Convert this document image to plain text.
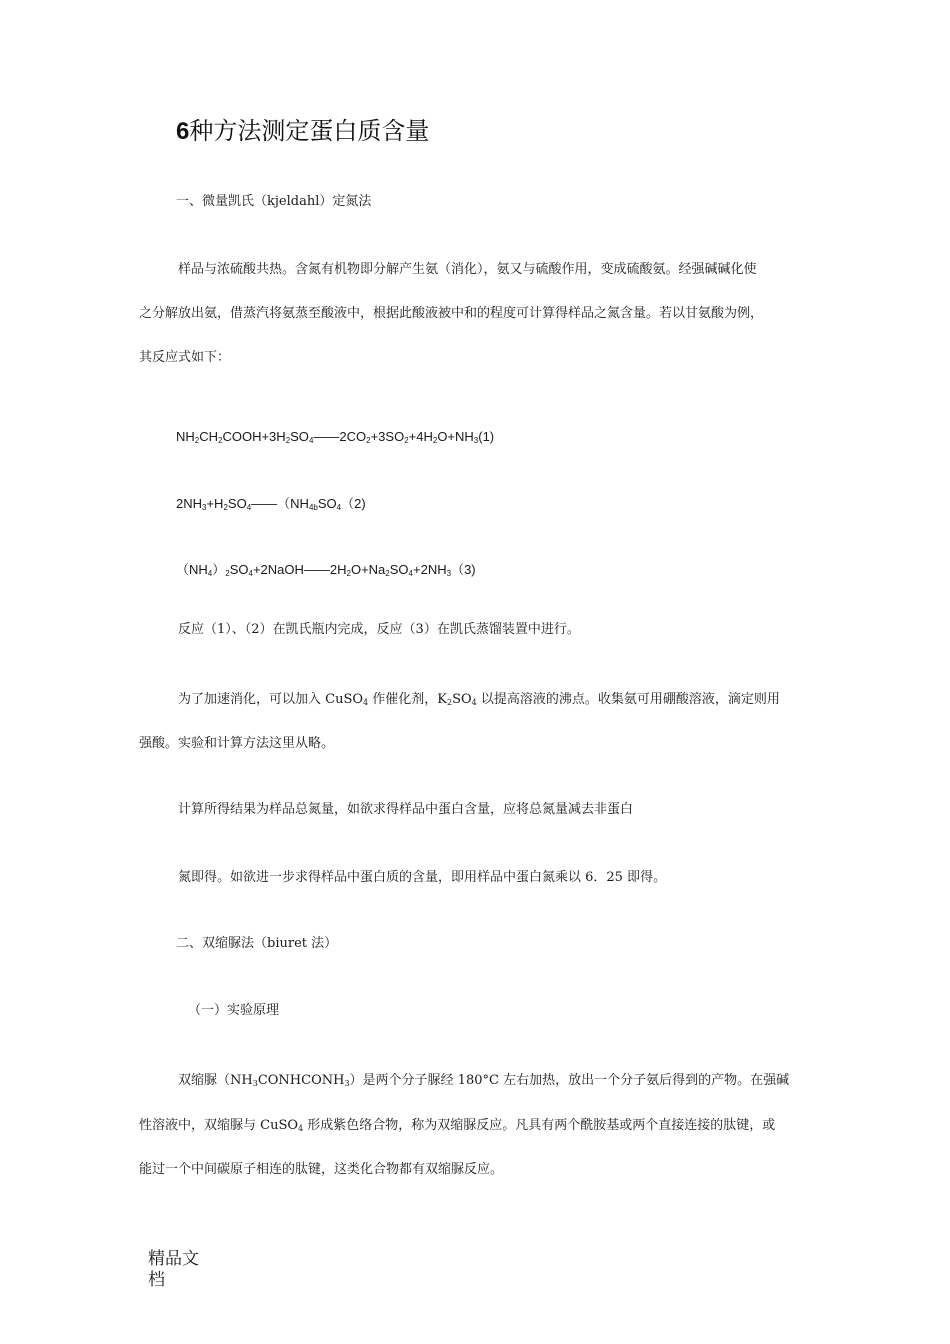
6种方法测定蛋白质含量
一、微量凯氏（kjeldahl）定氮法
样品与浓硫酸共热。含氮有机物即分解产生氨（消化），氨又与硫酸作用，变成硫酸氨。经强碱碱化使
之分解放出氨，借蒸汽将氨蒸至酸液中，根据此酸液被中和的程度可计算得样品之氮含量。若以甘氨酸为例，
其反应式如下：
$NH_2CH_2COOH+3H_2SO_4——2CO_2+3SO_2+4H_2O+NH_3(1)$
$2NH_3+H_2SO_4——(NH_{4b}SO_4(2)$
$(NH_4)_2SO_4+2NaOH——2H_2O+Na_2SO_4+2NH_3(3)$
反应（1）、（2）在凯氏瓶内完成，反应（3）在凯氏蒸馏装置中进行。
为了加速消化，可以加入 CuSO$_4$ 作催化剂，$K_2SO_4$ 以提高溶液的沸点。收集氨可用硼酸溶液，滴定则用
强酸。实验和计算方法这里从略。
计算所得结果为样品总氮量，如欲求得样品中蛋白含量，应将总氮量减去非蛋白
氮即得。如欲进一步求得样品中蛋白质的含量，即用样品中蛋白氮乘以 6．25 即得。
二、双缩脲法（biuret 法）
（一）实验原理
双缩脲$(NH_3CONHCONH_3)$是两个分子脲经 180°C 左右加热，放出一个分子氨后得到的产物。在强碱
性溶液中，双缩脲与 CuSO$_4$ 形成紫色络合物，称为双缩脲反应。凡具有两个酰胺基或两个直接连接的肽键，或
能过一个中间碳原子相连的肽键，这类化合物都有双缩脲反应。
精品文档
